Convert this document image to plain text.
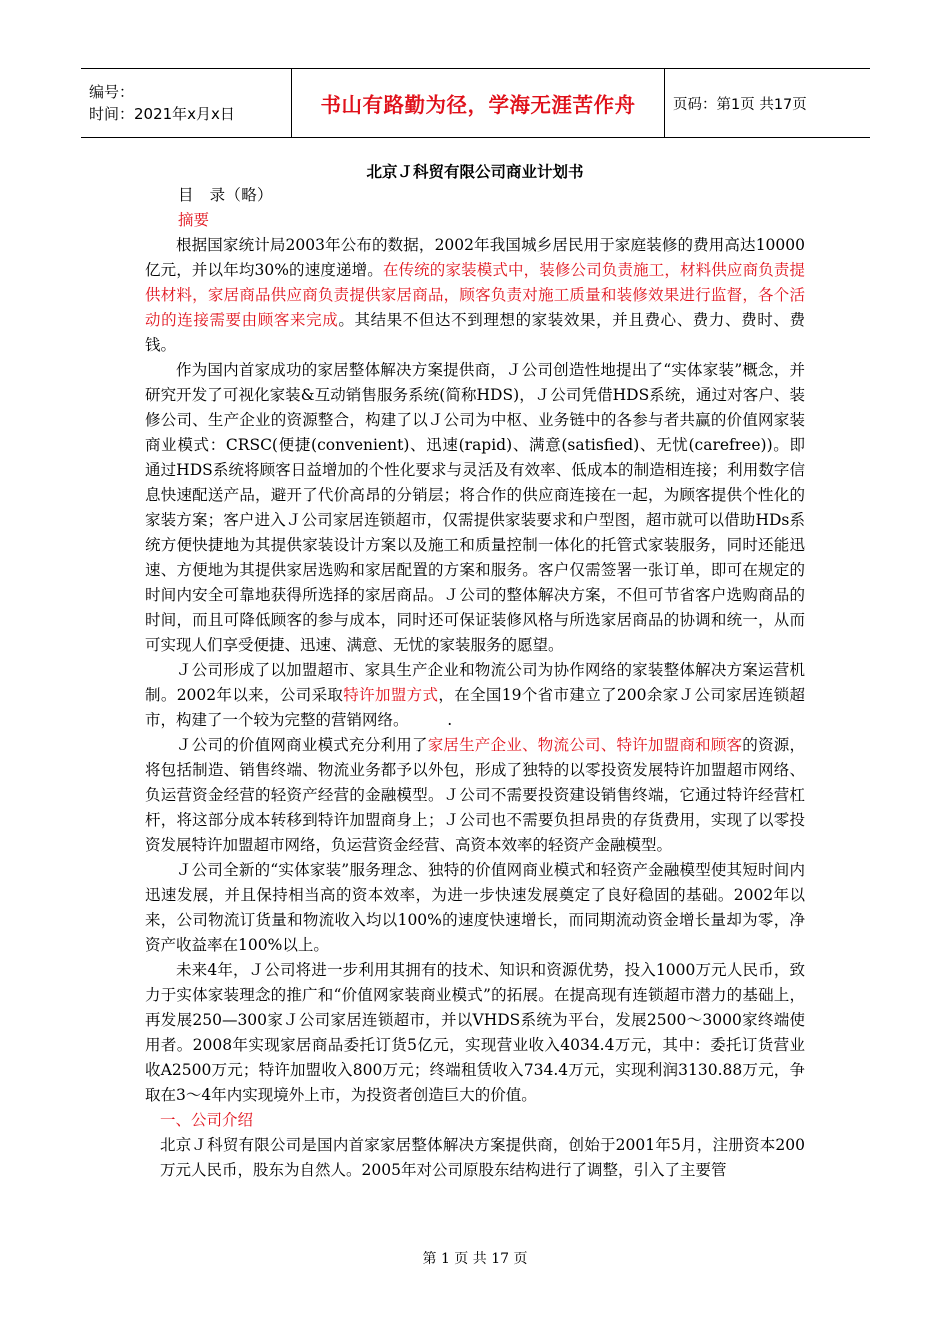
编号：
时间：2021年x月x日	书山有路勤为径，学海无涯苦作舟	页码：第1页 共17页
北京Ｊ科贸有限公司商业计划书

目　录（略）

摘要

根据国家统计局2003年公布的数据，2002年我国城乡居民用于家庭装修的费用高达10000亿元，并以年均30%的速度递增。在传统的家装模式中，装修公司负责施工，材料供应商负责提供材料，家居商品供应商负责提供家居商品，顾客负责对施工质量和装修效果进行监督，各个活动的连接需要由顾客来完成。其结果不但达不到理想的家装效果，并且费心、费力、费时、费钱。

作为国内首家成功的家居整体解决方案提供商，Ｊ公司创造性地提出了“实体家装”概念，并研究开发了可视化家装&互动销售服务系统(简称HDS)，Ｊ公司凭借HDS系统，通过对客户、装修公司、生产企业的资源整合，构建了以Ｊ公司为中枢、业务链中的各参与者共赢的价值网家装商业模式：CRSC(便捷(convenient)、迅速(rapid)、满意(satisfied)、无忧(carefree))。即通过HDS系统将顾客日益增加的个性化要求与灵活及有效率、低成本的制造相连接；利用数字信息快速配送产品，避开了代价高昂的分销层；将合作的供应商连接在一起，为顾客提供个性化的家装方案；客户进入Ｊ公司家居连锁超市，仅需提供家装要求和户型图，超市就可以借助HDs系统方便快捷地为其提供家装设计方案以及施工和质量控制一体化的托管式家装服务，同时还能迅速、方便地为其提供家居选购和家居配置的方案和服务。客户仅需签署一张订单，即可在规定的时间内安全可靠地获得所选择的家居商品。Ｊ公司的整体解决方案，不但可节省客户选购商品的时间，而且可降低顾客的参与成本，同时还可保证装修风格与所选家居商品的协调和统一，从而可实现人们享受便捷、迅速、满意、无忧的家装服务的愿望。

Ｊ公司形成了以加盟超市、家具生产企业和物流公司为协作网络的家装整体解决方案运营机制。2002年以来，公司采取特许加盟方式，在全国19个省市建立了200余家Ｊ公司家居连锁超市，构建了一个较为完整的营销网络。　　　.

Ｊ公司的价值网商业模式充分利用了家居生产企业、物流公司、特许加盟商和顾客的资源，将包括制造、销售终端、物流业务都予以外包，形成了独特的以零投资发展特许加盟超市网络、负运营资金经营的轻资产经营的金融模型。Ｊ公司不需要投资建设销售终端，它通过特许经营杠杆，将这部分成本转移到特许加盟商身上；Ｊ公司也不需要负担昂贵的存货费用，实现了以零投资发展特许加盟超市网络，负运营资金经营、高资本效率的轻资产金融模型。

Ｊ公司全新的“实体家装”服务理念、独特的价值网商业模式和轻资产金融模型使其短时间内迅速发展，并且保持相当高的资本效率，为进一步快速发展奠定了良好稳固的基础。2002年以来，公司物流订货量和物流收入均以100%的速度快速增长，而同期流动资金增长量却为零，净资产收益率在100%以上。

未来4年，Ｊ公司将进一步利用其拥有的技术、知识和资源优势，投入1000万元人民币，致力于实体家装理念的推广和“价值网家装商业模式”的拓展。在提高现有连锁超市潜力的基础上，再发展250—300家Ｊ公司家居连锁超市，并以VHDS系统为平台，发展2500～3000家终端使用者。2008年实现家居商品委托订货5亿元，实现营业收入4034.4万元，其中：委托订货营业收A2500万元；特许加盟收入800万元；终端租赁收入734.4万元，实现利润3130.88万元，争取在3～4年内实现境外上市，为投资者创造巨大的价值。

一、公司介绍

北京Ｊ科贸有限公司是国内首家家居整体解决方案提供商，创始于2001年5月，注册资本200万元人民币，股东为自然人。2005年对公司原股东结构进行了调整，引入了主要管

第 1 页 共 17 页
